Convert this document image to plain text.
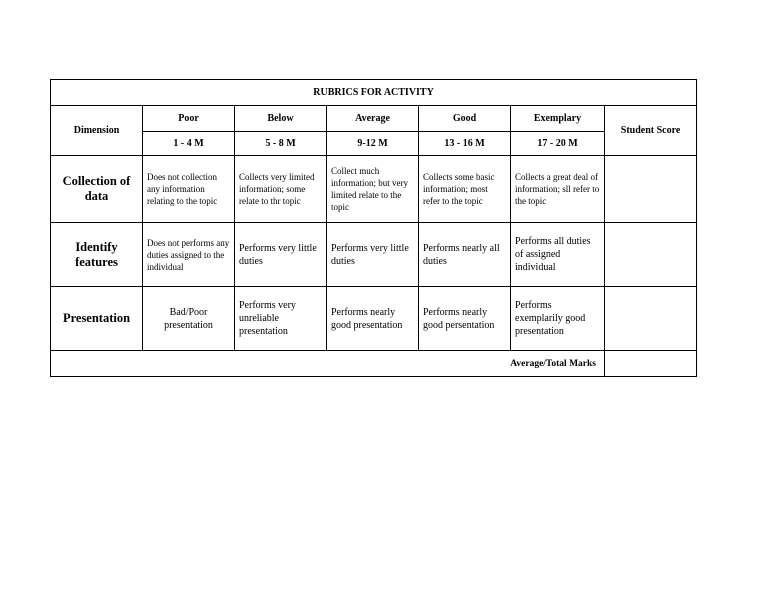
RUBRICS FOR ACTIVITY						
Dimension	Poor	Below	Average	Good	Exemplary	Student Score
	1 - 4 M	5 - 8 M	9-12 M	13 - 16 M	17 - 20 M	
Collection of data	Does not collection any information relating to the topic	Collects very limited information; some relate to thr topic	Collect much information; but very limited relate to the topic	Collects some basic information; most refer to the topic	Collects a great deal of information; sll refer to the topic	
Identify features	Does not performs any duties assigned to the individual	Performs very little duties	Performs very little duties	Performs nearly all duties	Performs all duties of assigned individual	
Presentation	Bad/Poor presentation	Performs very unreliable presentation	Performs nearly good presentation	Performs nearly good persentation	Performs exemplarily good presentation	
Average/Total Marks						
